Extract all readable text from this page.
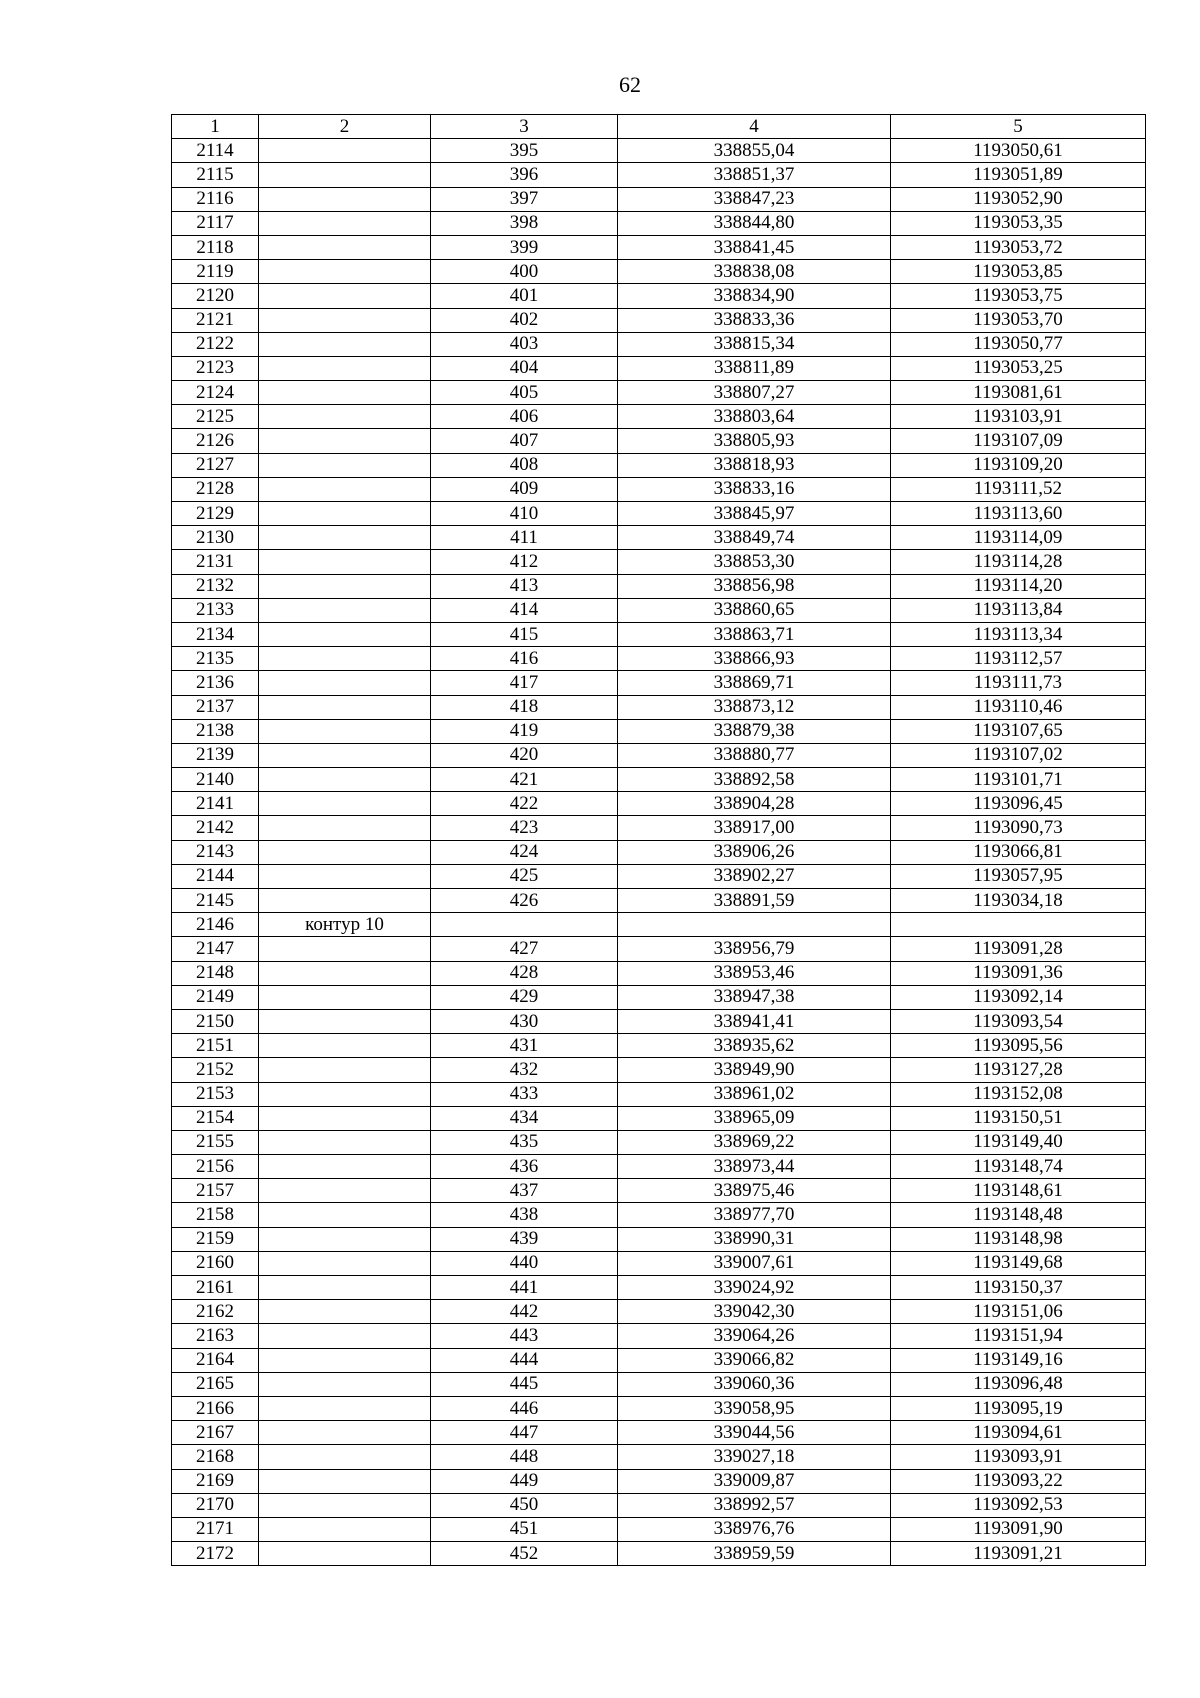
62
1	2	3	4	5
2114		395	338855,04	1193050,61
2115		396	338851,37	1193051,89
2116		397	338847,23	1193052,90
2117		398	338844,80	1193053,35
2118		399	338841,45	1193053,72
2119		400	338838,08	1193053,85
2120		401	338834,90	1193053,75
2121		402	338833,36	1193053,70
2122		403	338815,34	1193050,77
2123		404	338811,89	1193053,25
2124		405	338807,27	1193081,61
2125		406	338803,64	1193103,91
2126		407	338805,93	1193107,09
2127		408	338818,93	1193109,20
2128		409	338833,16	1193111,52
2129		410	338845,97	1193113,60
2130		411	338849,74	1193114,09
2131		412	338853,30	1193114,28
2132		413	338856,98	1193114,20
2133		414	338860,65	1193113,84
2134		415	338863,71	1193113,34
2135		416	338866,93	1193112,57
2136		417	338869,71	1193111,73
2137		418	338873,12	1193110,46
2138		419	338879,38	1193107,65
2139		420	338880,77	1193107,02
2140		421	338892,58	1193101,71
2141		422	338904,28	1193096,45
2142		423	338917,00	1193090,73
2143		424	338906,26	1193066,81
2144		425	338902,27	1193057,95
2145		426	338891,59	1193034,18
2146	контур 10			
2147		427	338956,79	1193091,28
2148		428	338953,46	1193091,36
2149		429	338947,38	1193092,14
2150		430	338941,41	1193093,54
2151		431	338935,62	1193095,56
2152		432	338949,90	1193127,28
2153		433	338961,02	1193152,08
2154		434	338965,09	1193150,51
2155		435	338969,22	1193149,40
2156		436	338973,44	1193148,74
2157		437	338975,46	1193148,61
2158		438	338977,70	1193148,48
2159		439	338990,31	1193148,98
2160		440	339007,61	1193149,68
2161		441	339024,92	1193150,37
2162		442	339042,30	1193151,06
2163		443	339064,26	1193151,94
2164		444	339066,82	1193149,16
2165		445	339060,36	1193096,48
2166		446	339058,95	1193095,19
2167		447	339044,56	1193094,61
2168		448	339027,18	1193093,91
2169		449	339009,87	1193093,22
2170		450	338992,57	1193092,53
2171		451	338976,76	1193091,90
2172		452	338959,59	1193091,21
